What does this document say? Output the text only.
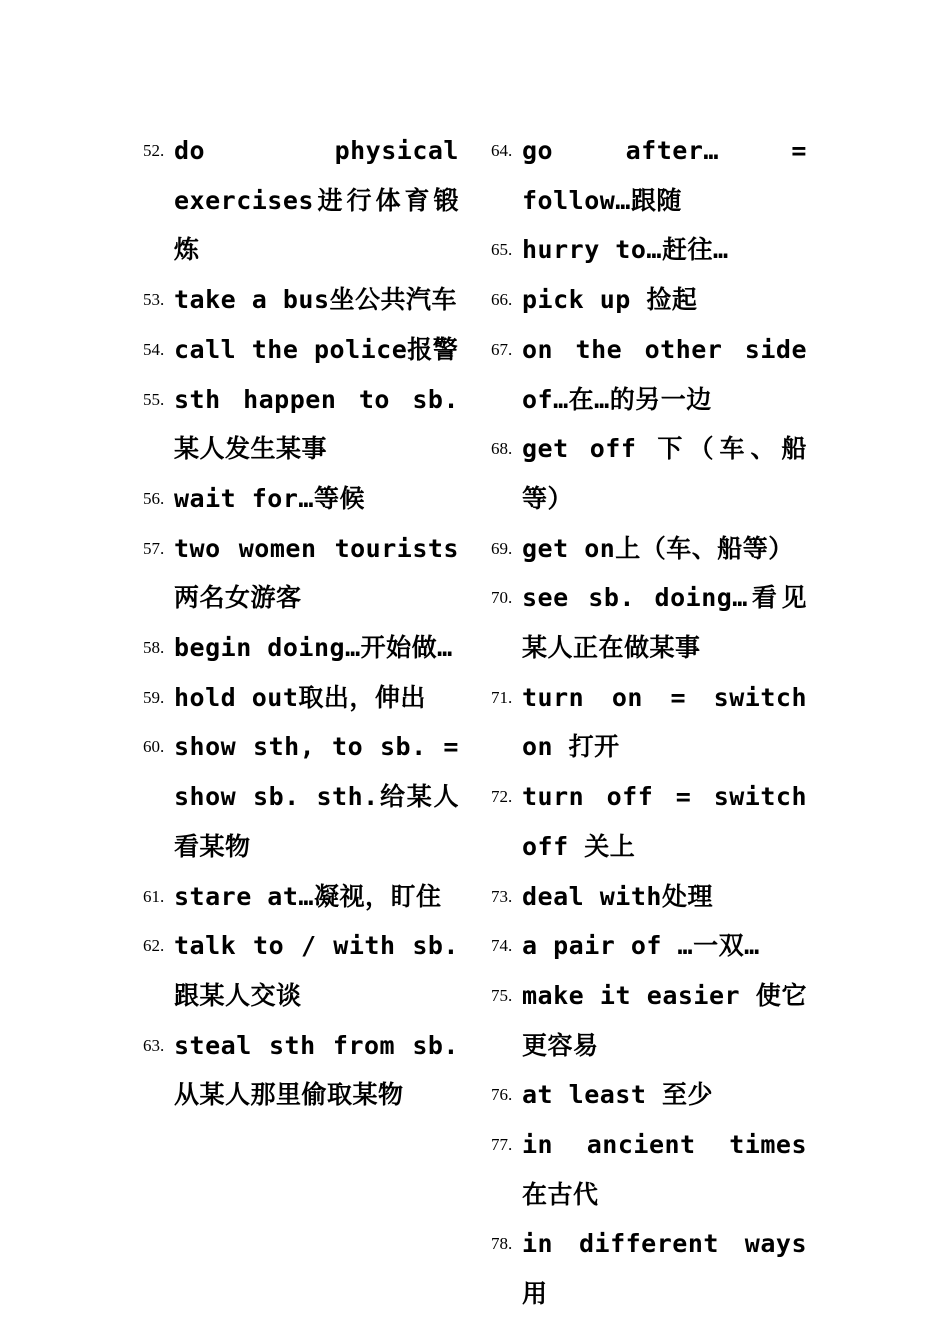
52. do physical exercises进行体育锻炼
53. take a bus坐公共汽车
54. call the police报警
55. sth happen to sb.某人发生某事
56. wait for…等候
57. two women tourists 两名女游客
58. begin doing…开始做…
59. hold out取出，伸出
60. show sth, to sb. = show sb. sth.给某人看某物
61. stare at…凝视，盯住
62. talk to / with sb. 跟某人交谈
63. steal sth from sb. 从某人那里偷取某物
64. go after… = follow…跟随
65. hurry to…赶往…
66. pick up 捡起
67. on the other side of…在…的另一边
68. get off 下（车、船等）
69. get on上（车、船等）
70. see sb. doing…看见某人正在做某事
71. turn on = switch on 打开
72. turn off = switch off 关上
73. deal with处理
74. a pair of …一双…
75. make it easier 使它更容易
76. at least 至少
77. in ancient times 在古代
78. in different ways 用
